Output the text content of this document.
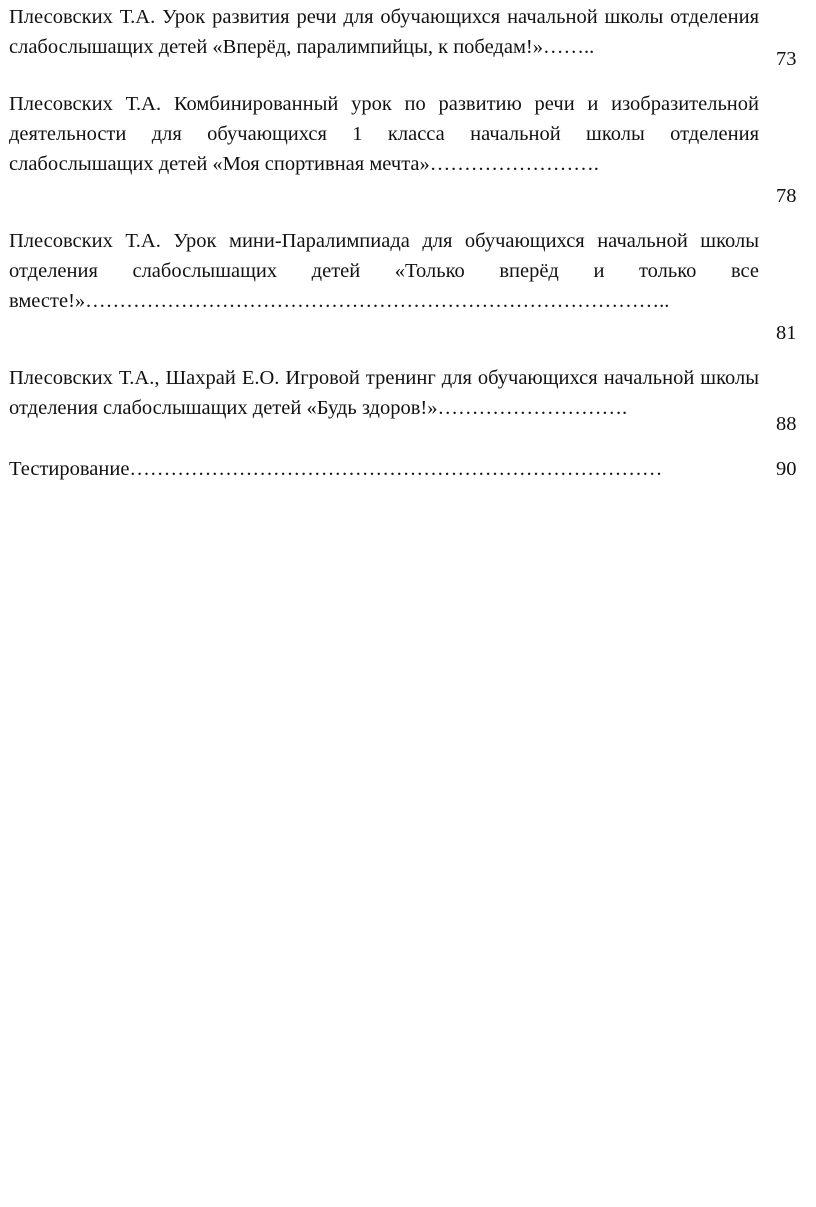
Плесовских Т.А. Урок развития речи для обучающихся начальной школы отделения слабослышащих детей «Вперёд, паралимпийцы, к победам!»……..

73

Плесовских Т.А. Комбинированный урок по развитию речи и изобразительной деятельности для обучающихся 1 класса начальной школы отделения слабослышащих детей «Моя спортивная мечта»…………………….

78

Плесовских Т.А. Урок мини-Паралимпиада для обучающихся начальной школы отделения слабослышащих детей «Только вперёд и только все вместе!»…………………………………………………………………………..

81

Плесовских Т.А., Шахрай Е.О. Игровой тренинг для обучающихся начальной школы отделения слабослышащих детей «Будь здоров!»……………………….

88

Тестирование……………………………………………………………………	90
